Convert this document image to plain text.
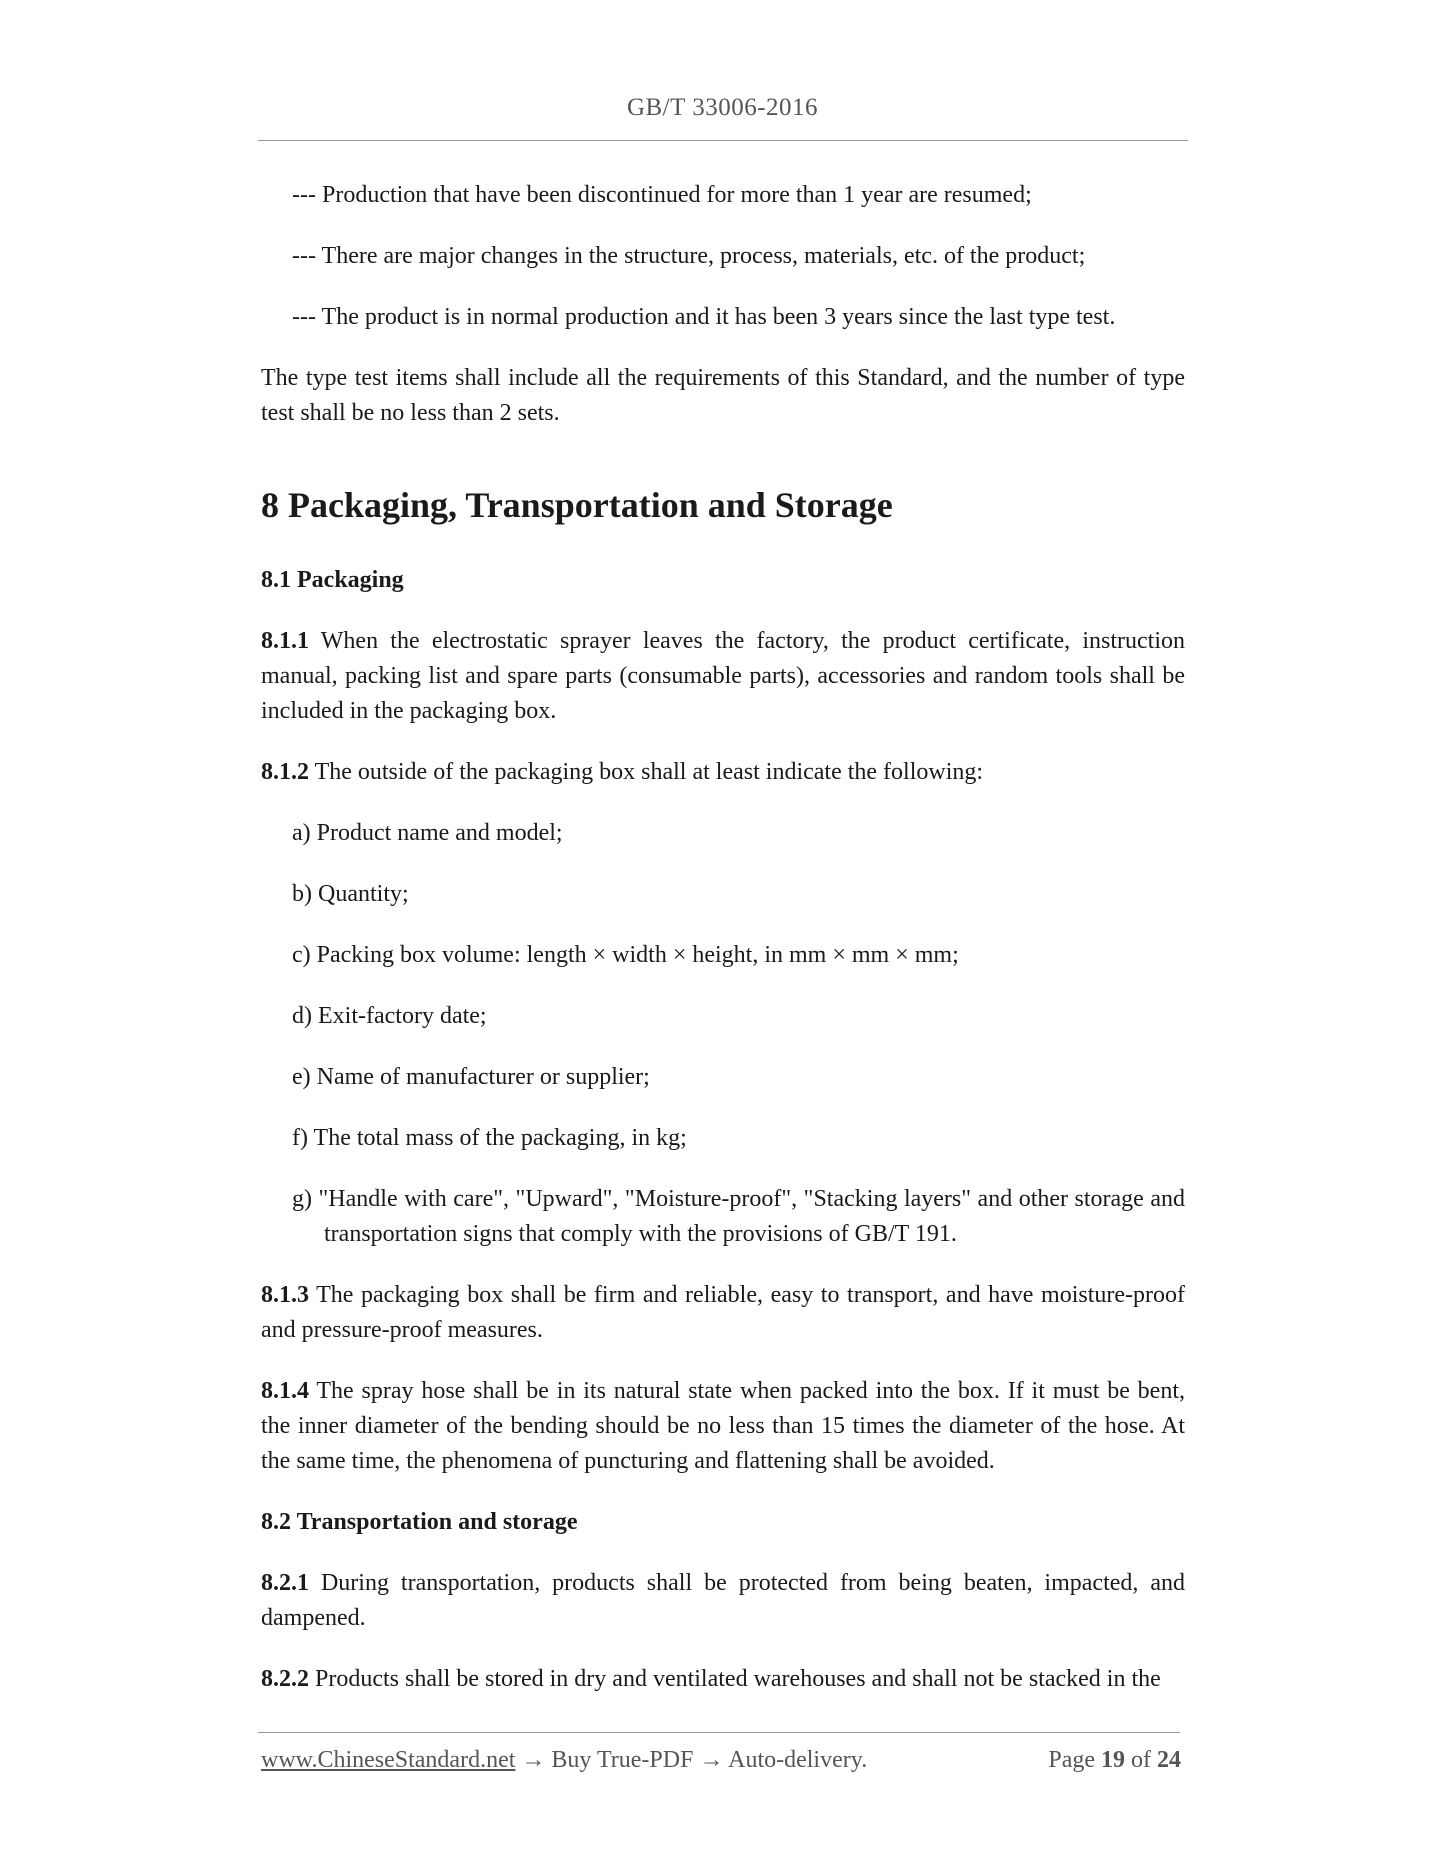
GB/T 33006-2016

--- Production that have been discontinued for more than 1 year are resumed;

--- There are major changes in the structure, process, materials, etc. of the product;

--- The product is in normal production and it has been 3 years since the last type test.

The type test items shall include all the requirements of this Standard, and the number of type test shall be no less than 2 sets.

8 Packaging, Transportation and Storage
8.1 Packaging

8.1.1 When the electrostatic sprayer leaves the factory, the product certificate, instruction manual, packing list and spare parts (consumable parts), accessories and random tools shall be included in the packaging box.

8.1.2 The outside of the packaging box shall at least indicate the following:

a) Product name and model;

b) Quantity;

c) Packing box volume: length × width × height, in mm × mm × mm;

d) Exit-factory date;

e) Name of manufacturer or supplier;

f) The total mass of the packaging, in kg;

g) "Handle with care", "Upward", "Moisture-proof", "Stacking layers" and other storage and transportation signs that comply with the provisions of GB/T 191.

8.1.3 The packaging box shall be firm and reliable, easy to transport, and have moisture-proof and pressure-proof measures.

8.1.4 The spray hose shall be in its natural state when packed into the box. If it must be bent, the inner diameter of the bending should be no less than 15 times the diameter of the hose. At the same time, the phenomena of puncturing and flattening shall be avoided.

8.2 Transportation and storage

8.2.1 During transportation, products shall be protected from being beaten, impacted, and dampened.

8.2.2 Products shall be stored in dry and ventilated warehouses and shall not be stacked in the

www.ChineseStandard.net → Buy True-PDF → Auto-delivery.	Page 19 of 24
